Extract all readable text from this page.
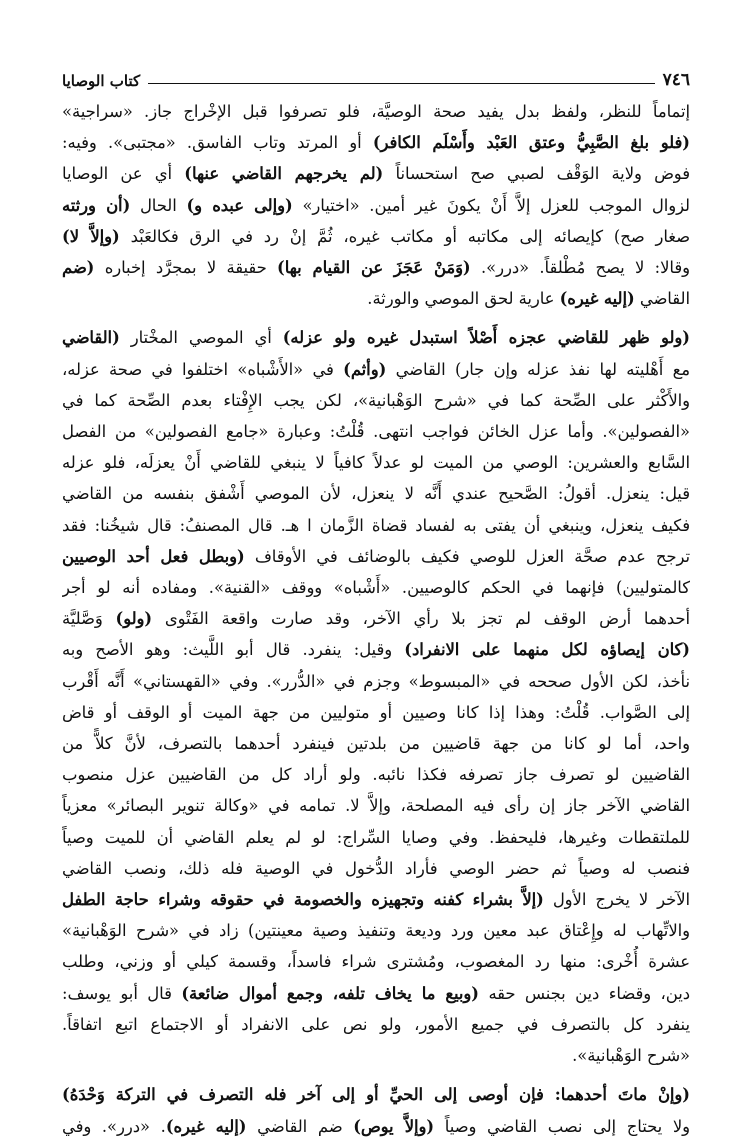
٧٤٦
كتاب الوصايا
إتماماً للنظر، ولفظ بدل يفيد صحة الوصيَّة، فلو تصرفوا قبل الإخْراج جاز. «سراجية»
(فلو بلغ الصَّبِيُّ وعتق العَبْد وأَسْلَم الكافر) أو المرتد وتاب الفاسق. «مجتبى». وفيه:
فوض ولاية الوَقْف لصبي صح استحساناً (لم يخرجهم القاضي عنها) أي عن الوصايا
لزوال الموجب للعزل إلاَّ أَنْ يكونَ غير أمين. «اختيار» (وإلى عبده و) الحال (أن ورثته
صغار صح) كإيصائه إلى مكاتبه أو مكاتب غيره، ثُمَّ إنْ رد في الرق فكالعَبْد (وإلاَّ لا)
وقالا: لا يصح مُطْلقاً. «درر». (وَمَنْ عَجَزَ عن القيام بها) حقيقة لا بمجرَّد إخباره (ضم
القاضي (إليه غيره) عارية لحق الموصي والورثة.
(ولو ظهر للقاضي عجزه أَصْلاً استبدل غيره ولو عزله) أي الموصي المخْتار (القاضي
مع أَهْليته لها نفذ عزله وإن جار) القاضي (وأثم) في «الأَشْباه» اختلفوا في صحة عزله،
والأَكْثر على الصِّحة كما في «شرح الوَهْبانية»، لكن يجب الإِفْتاء بعدم الصِّحة كما في
«الفصولين». وأما عزل الخائن فواجب انتهى. قُلْتُ: وعبارة «جامع الفصولين» من الفصل
السَّابع والعشرين: الوصي من الميت لو عدلاً كافياً لا ينبغي للقاضي أَنْ يعزلَه، فلو عزله
قيل: ينعزل. أقولُ: الصَّحيح عندي أَنَّه لا ينعزل، لأن الموصي أَشْفق بنفسه من القاضي
فكيف ينعزل، وينبغي أن يفتى به لفساد قضاة الزَّمان ا هـ. قال المصنفُ: قال شيخُنا: فقد
ترجح عدم صحَّة العزل للوصي فكيف بالوضائف في الأوقاف (وبطل فعل أحد الوصيين
كالمتوليين) فإنهما في الحكم كالوصيين. «أَشْباه» ووقف «القنية». ومفاده أنه لو أجر
أحدهما أرض الوقف لم تجز بلا رأي الآخر، وقد صارت واقعة الفَتْوى (ولو) وَصَّليَّة
(كان إيصاؤه لكل منهما على الانفراد) وقيل: ينفرد. قال أبو اللَّيث: وهو الأصح وبه
نأخذ، لكن الأول صححه في «المبسوط» وجزم في «الدُّرر». وفي «القهستاني» أَنَّه أَقْرب
إلى الصَّواب. قُلْتُ: وهذا إذا كانا وصيين أو متوليين من جهة الميت أو الوقف أو قاض
واحد، أما لو كانا من جهة قاضيين من بلدتين فينفرد أحدهما بالتصرف، لأنَّ كلاًّ من
القاضيين لو تصرف جاز تصرفه فكذا نائبه. ولو أراد كل من القاضيين عزل منصوب
القاضي الآخر جاز إن رأى فيه المصلحة، وإلاَّ لا. تمامه في «وكالة تنوير البصائر» معزياً
للملتقطات وغيرها، فليحفظ. وفي وصايا السِّراج: لو لم يعلم القاضي أن للميت وصياً
فنصب له وصياً ثم حضر الوصي فأراد الدُّخول في الوصية فله ذلك، ونصب القاضي
الآخر لا يخرج الأول (إلاَّ بشراء كفنه وتجهيزه والخصومة في حقوقه وشراء حاجة الطفل
والاتِّهاب له وإِعْتاق عبد معين ورد وديعة وتنفيذ وصية معينتين) زاد في «شرح الوَهْبانية»
عشرة أُخْرى: منها رد المغصوب، ومُشترى شراء فاسداً، وقسمة كيلي أو وزني، وطلب
دين، وقضاء دين بجنس حقه (وبيع ما يخاف تلفه، وجمع أموال ضائعة) قال أبو يوسف:
ينفرد كل بالتصرف في جميع الأمور، ولو نص على الانفراد أو الاجتماع اتبع اتفاقاً.
«شرح الوَهْبانية».
(وإنْ ماتَ أحدهما: فإن أوصى إلى الحيِّ أو إلى آخر فله التصرف في التركة وَحْدَهُ)
ولا يحتاج إلى نصب القاضي وصياً (وإلاَّ يوص) ضم القاضي (إليه غيره). «درر». وفي
